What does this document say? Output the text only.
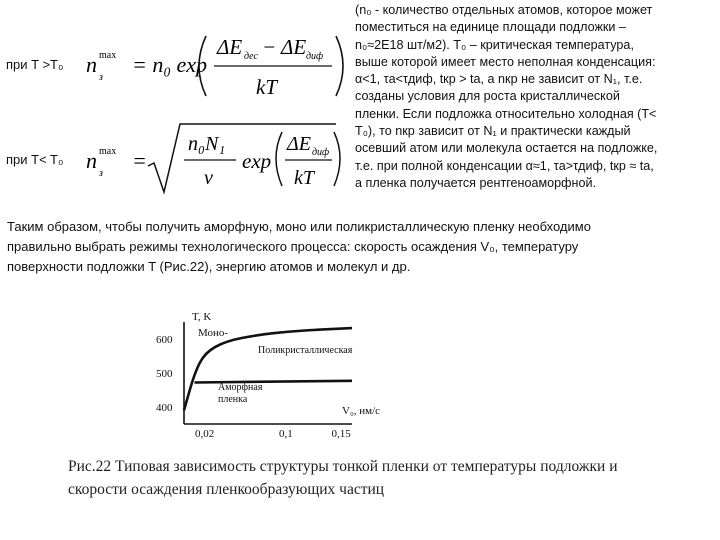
при T >T₀
при T< T₀
n max
з
= n₀ exp
ΔE дес − ΔE диф
kT
n max
з
=
n₀N₁
ν
exp
ΔE диф
kT
(n₀ - количество отдельных атомов, которое может
поместиться на единице площади подложки –
n₀≈2E18 шт/м2). T₀ – критическая температура,
выше которой имеет место неполная конденсация:
α<1, τа<τдиф, tкр > tа, а nкр не зависит от N₁, т.е.
созданы условия для роста кристаллической
пленки. Если подложка относительно холодная (T<
T₀), то nкр зависит от N₁ и практически каждый
осевший атом или молекула остается на подложке,
т.е. при полной конденсации α≈1, τа>τдиф, tкр ≈ tа,
а пленка получается рентгеноаморфной.
Таким образом, чтобы получить аморфную, моно или поликристаллическую пленку необходимо
правильно выбрать режимы технологического процесса: скорость осаждения V₀, температуру
поверхности подложки T (Рис.22), энергию атомов и молекул и др.
T, K
V₀, нм/с
600
500
400
0,02	0,1	0,15
Моно-
Поликристаллическая
Аморфная
пленка
Рис.22 Типовая зависимость структуры тонкой пленки от температуры подложки и
скорости осаждения пленкообразующих частиц
